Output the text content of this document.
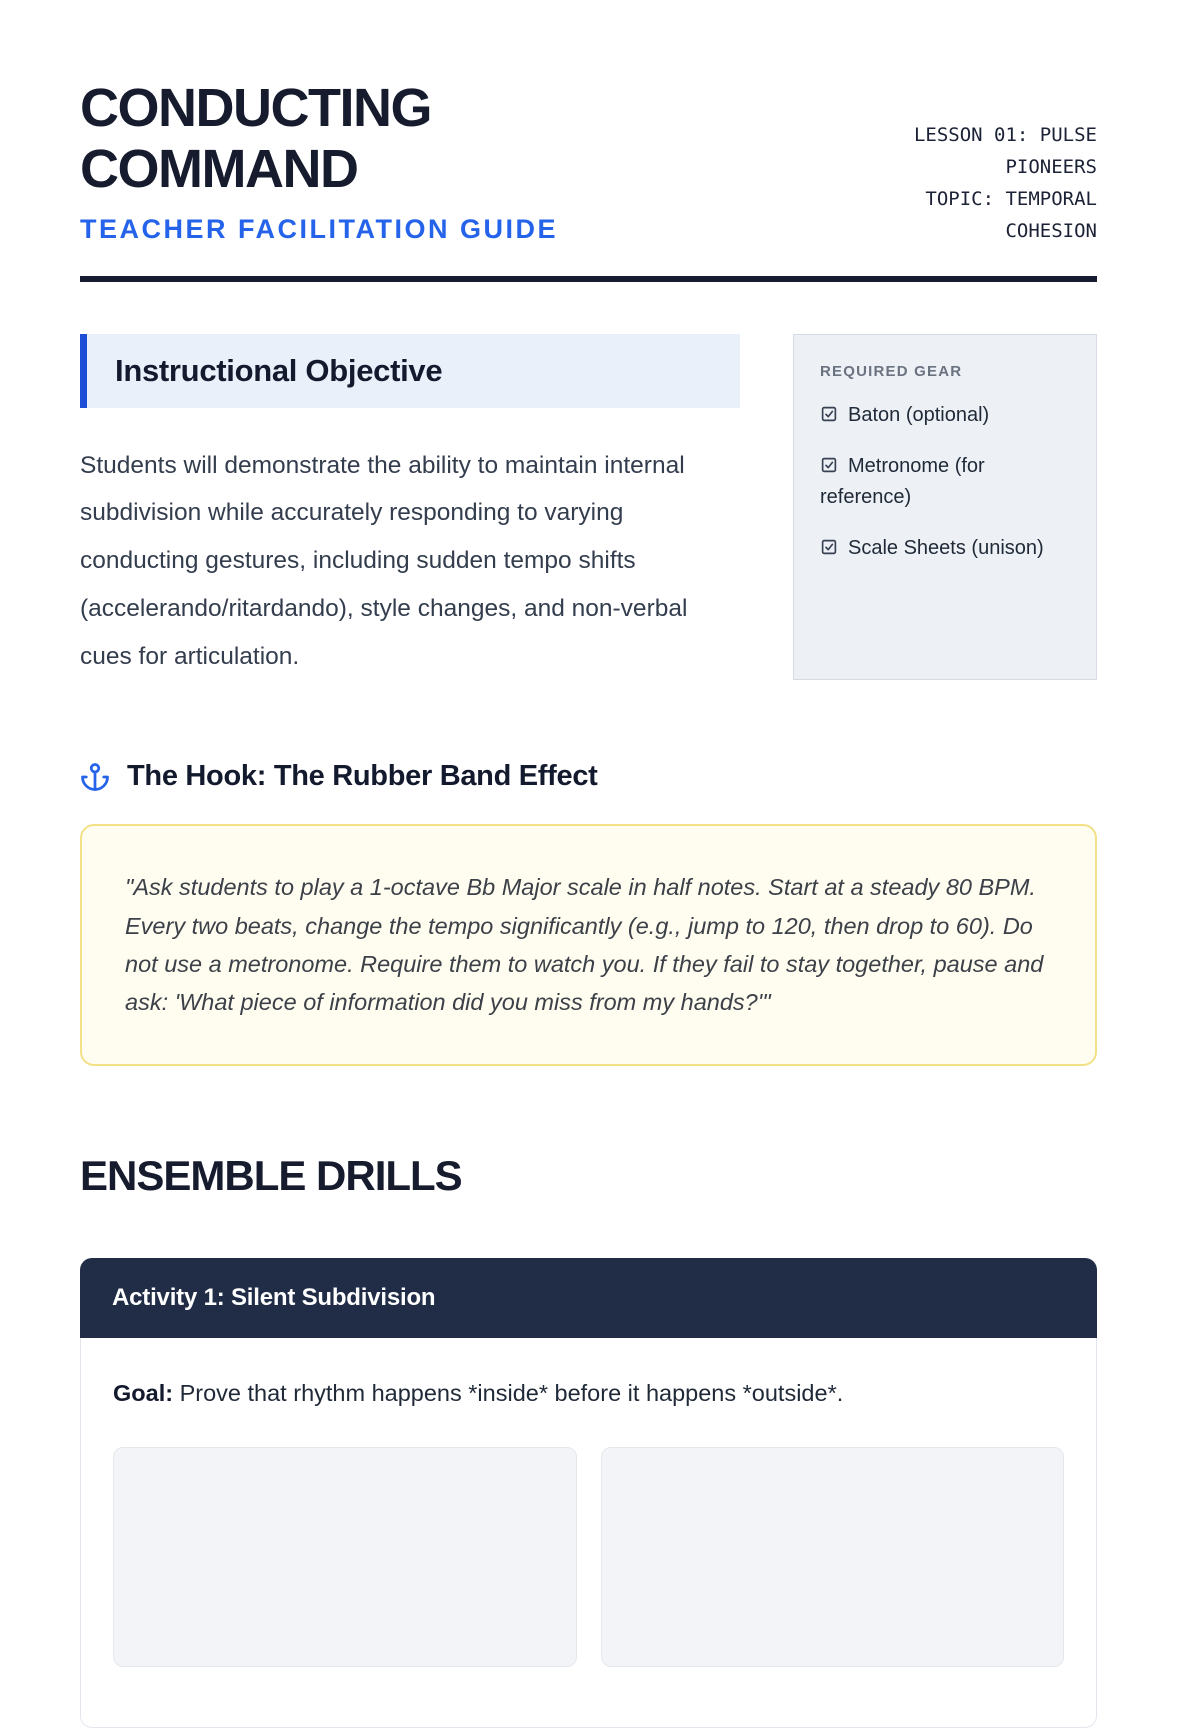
CONDUCTING
COMMAND
TEACHER FACILITATION GUIDE
LESSON 01: PULSE
PIONEERS
TOPIC: TEMPORAL
COHESION
Instructional Objective

Students will demonstrate the ability to maintain internal subdivision while accurately responding to varying conducting gestures, including sudden tempo shifts (accelerando/ritardando), style changes, and non-verbal cues for articulation.

REQUIRED GEAR
Baton (optional)
Metronome (for reference)
Scale Sheets (unison)
The Hook: The Rubber Band Effect

"Ask students to play a 1-octave Bb Major scale in half notes. Start at a steady 80 BPM. Every two beats, change the tempo significantly (e.g., jump to 120, then drop to 60). Do not use a metronome. Require them to watch you. If they fail to stay together, pause and ask: 'What piece of information did you miss from my hands?'"

ENSEMBLE DRILLS
Activity 1: Silent Subdivision

Goal: Prove that rhythm happens *inside* before it happens *outside*.
